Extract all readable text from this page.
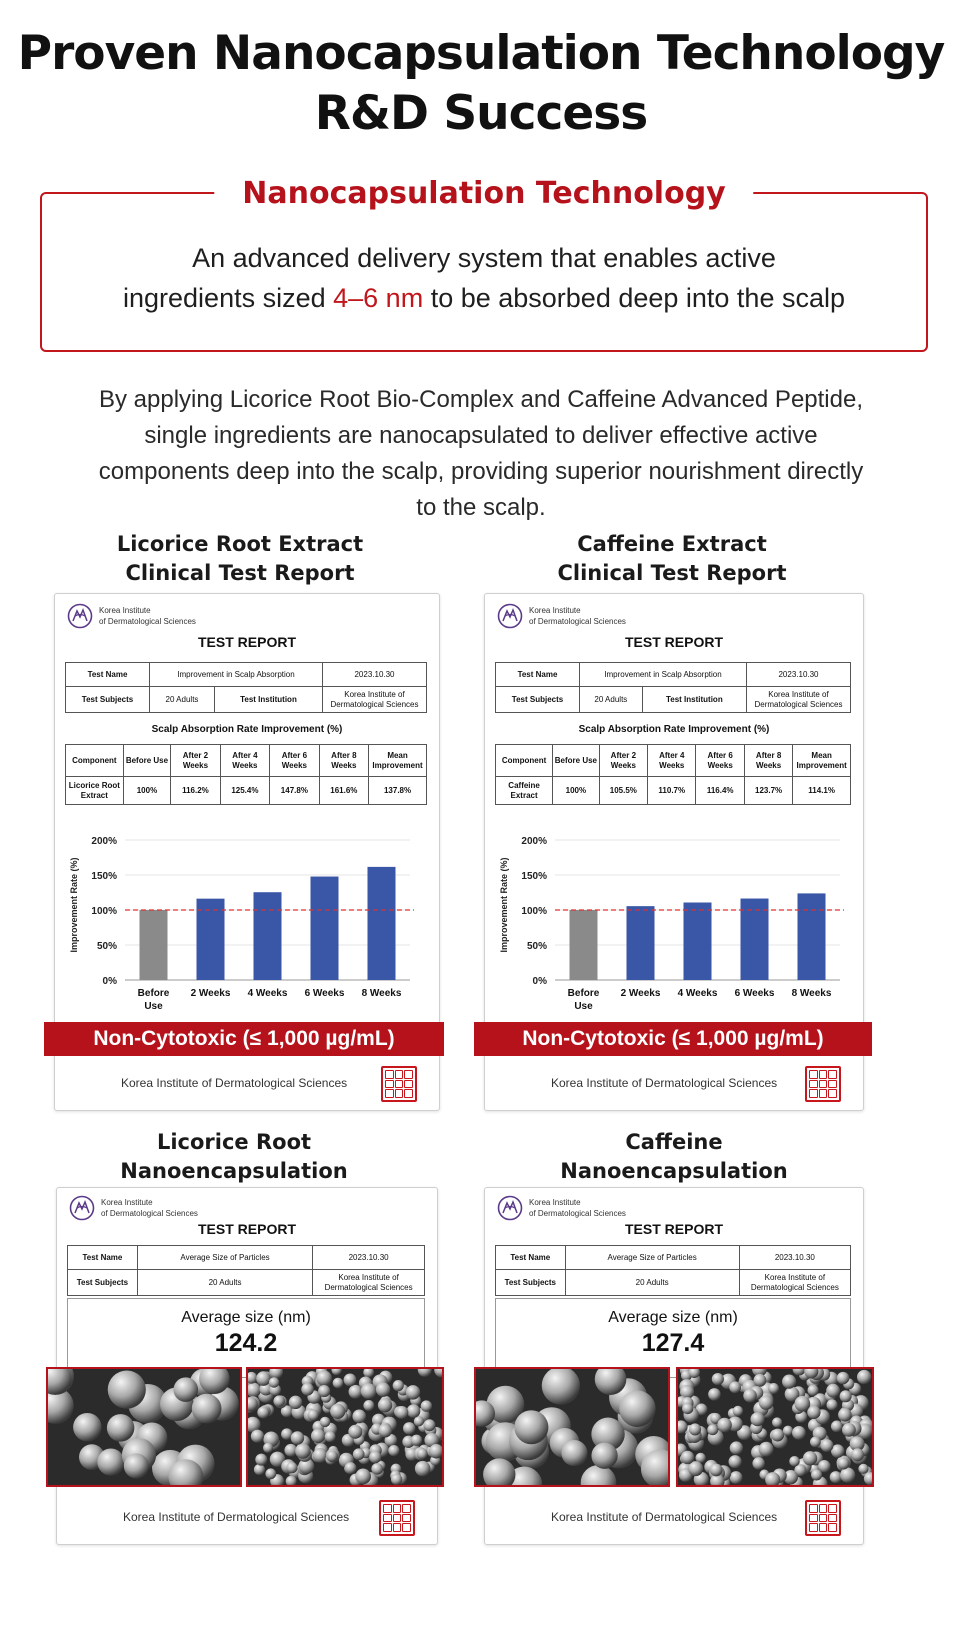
Proven Nanocapsulation Technology
R&D Success
Nanocapsulation Technology
An advanced delivery system that enables active
ingredients sized 4–6 nm to be absorbed deep into the scalp
By applying Licorice Root Bio-Complex and Caffeine Advanced Peptide, single ingredients are nanocapsulated to deliver effective active components deep into the scalp, providing superior nourishment directly to the scalp.
Licorice Root Extract
Clinical Test Report
Caffeine Extract
Clinical Test Report
Korea Institute
of Dermatological Sciences
TEST REPORT
Test Name	Improvement in Scalp Absorption		2023.10.30
Test Subjects	20 Adults	Test Institution	Korea Institute of Dermatological Sciences
Scalp Absorption Rate Improvement (%)
Component	Before Use	After 2 Weeks	After 4 Weeks	After 6 Weeks	After 8 Weeks	Mean Improvement
Licorice Root Extract	100%	116.2%	125.4%	147.8%	161.6%	137.8%
200%
150%
100%
50%
0%
Before Use
2 Weeks 4 Weeks 6 Weeks 8 Weeks
Improvement Rate (%)
Korea Institute of Dermatological Sciences
Korea Institute
of Dermatological Sciences
TEST REPORT
Test Name	Improvement in Scalp Absorption		2023.10.30
Test Subjects	20 Adults	Test Institution	Korea Institute of Dermatological Sciences
Scalp Absorption Rate Improvement (%)
Component	Before Use	After 2 Weeks	After 4 Weeks	After 6 Weeks	After 8 Weeks	Mean Improvement
Caffeine Extract	100%	105.5%	110.7%	116.4%	123.7%	114.1%
200%
150%
100%
50%
0%
Before Use
2 Weeks 4 Weeks 6 Weeks 8 Weeks
Improvement Rate (%)
Korea Institute of Dermatological Sciences
Non-Cytotoxic (≤ 1,000 µg/mL)	Non-Cytotoxic (≤ 1,000 µg/mL)
Licorice Root
Nanoencapsulation
Caffeine
Nanoencapsulation
Korea Institute
of Dermatological Sciences
TEST REPORT
Test Name	Average Size of Particles	2023.10.30
Test Subjects	20 Adults	Korea Institute of Dermatological Sciences
Average size (nm)
124.2
Korea Institute of Dermatological Sciences
Korea Institute
of Dermatological Sciences
TEST REPORT
Test Name	Average Size of Particles	2023.10.30
Test Subjects	20 Adults	Korea Institute of Dermatological Sciences
Average size (nm)
127.4
Korea Institute of Dermatological Sciences
